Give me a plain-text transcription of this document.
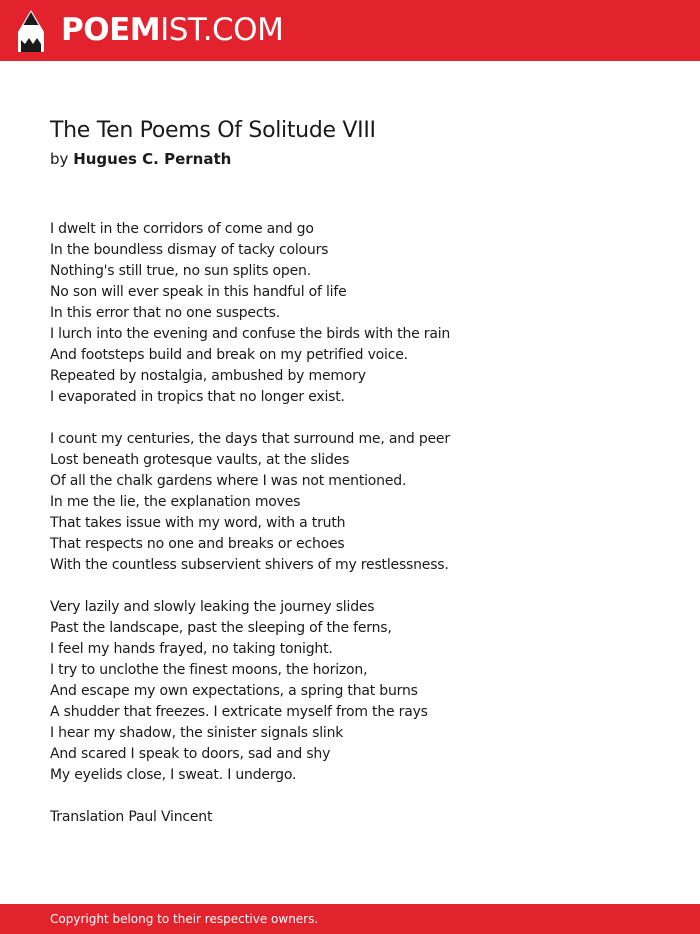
POEMIST.COM
The Ten Poems Of Solitude VIII
by Hugues C. Pernath
I dwelt in the corridors of come and go
In the boundless dismay of tacky colours
Nothing's still true, no sun splits open.
No son will ever speak in this handful of life
In this error that no one suspects.
I lurch into the evening and confuse the birds with the rain
And footsteps build and break on my petrified voice.
Repeated by nostalgia, ambushed by memory
I evaporated in tropics that no longer exist.
I count my centuries, the days that surround me, and peer
Lost beneath grotesque vaults, at the slides
Of all the chalk gardens where I was not mentioned.
In me the lie, the explanation moves
That takes issue with my word, with a truth
That respects no one and breaks or echoes
With the countless subservient shivers of my restlessness.
Very lazily and slowly leaking the journey slides
Past the landscape, past the sleeping of the ferns,
I feel my hands frayed, no taking tonight.
I try to unclothe the finest moons, the horizon,
And escape my own expectations, a spring that burns
A shudder that freezes. I extricate myself from the rays
I hear my shadow, the sinister signals slink
And scared I speak to doors, sad and shy
My eyelids close, I sweat. I undergo.
Translation Paul Vincent
Copyright belong to their respective owners.
